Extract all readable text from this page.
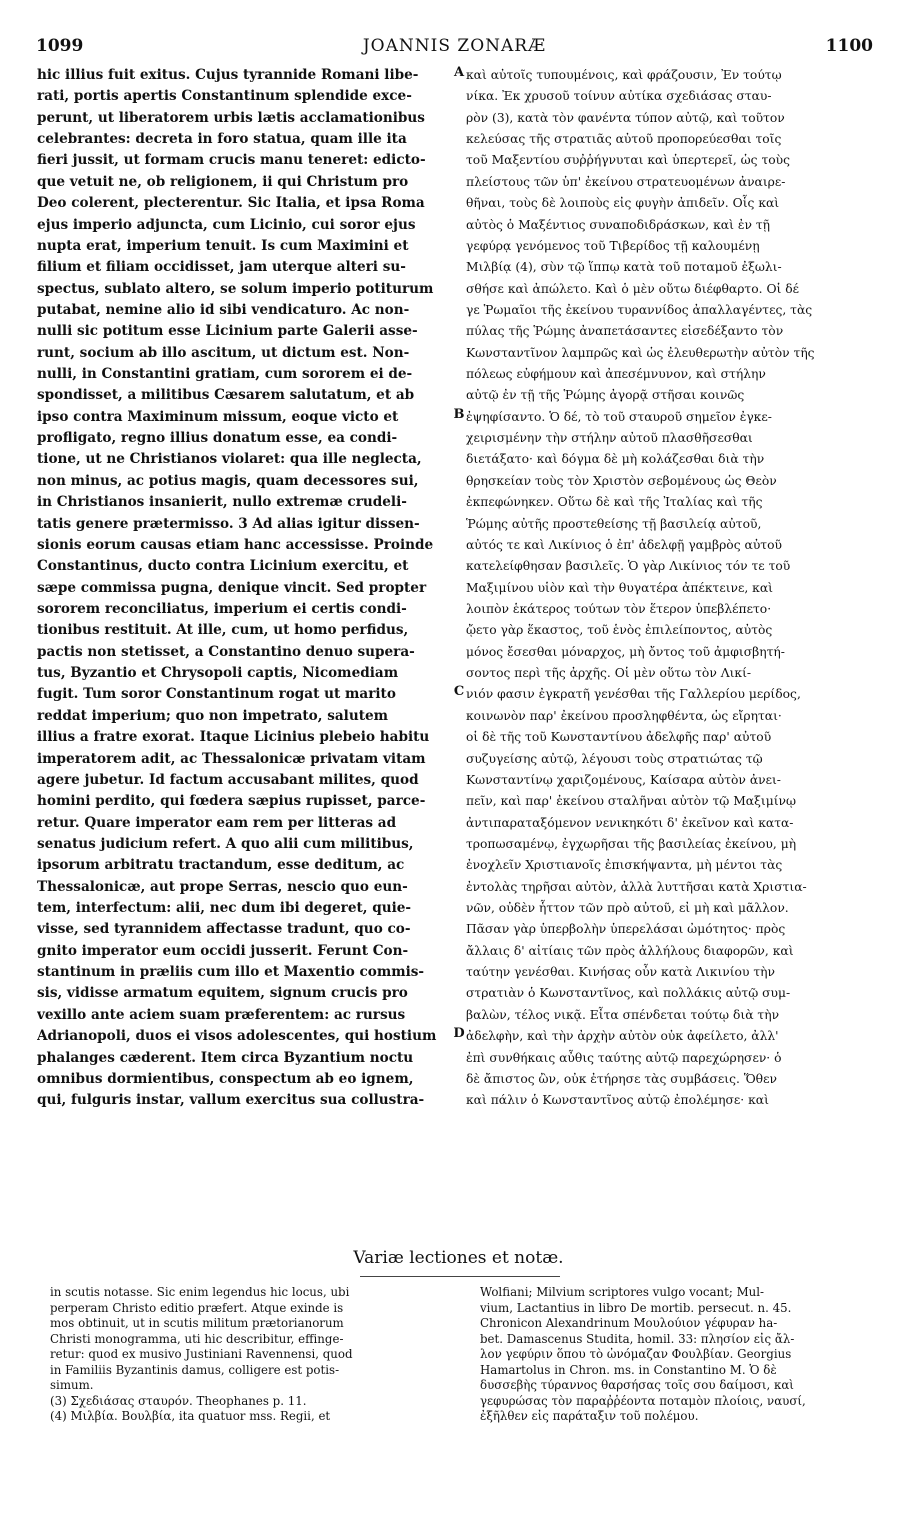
1099	JOANNIS ZONARÆ	1100
hic illius fuit exitus. Cujus tyrannide Romani libe-
rati, portis apertis Constantinum splendide exce-
perunt, ut liberatorem urbis lætis acclamationibus
celebrantes: decreta in foro statua, quam ille ita
fieri jussit, ut formam crucis manu teneret: edicto-
que vetuit ne, ob religionem, ii qui Christum pro
Deo colerent, plecterentur. Sic Italia, et ipsa Roma
ejus imperio adjuncta, cum Licinio, cui soror ejus
nupta erat, imperium tenuit. Is cum Maximini et
filium et filiam occidisset, jam uterque alteri su-
spectus, sublato altero, se solum imperio potiturum
putabat, nemine alio id sibi vendicaturo. Ac non-
nulli sic potitum esse Licinium parte Galerii asse-
runt, socium ab illo ascitum, ut dictum est. Non-
nulli, in Constantini gratiam, cum sororem ei de-
spondisset, a militibus Cæsarem salutatum, et ab
ipso contra Maximinum missum, eoque victo et
profligato, regno illius donatum esse, ea condi-
tione, ut ne Christianos violaret: qua ille neglecta,
non minus, ac potius magis, quam decessores sui,
in Christianos insanierit, nullo extremæ crudeli-
tatis genere prætermisso. 3 Ad alias igitur dissen-
sionis eorum causas etiam hanc accessisse. Proinde
Constantinus, ducto contra Licinium exercitu, et
sæpe commissa pugna, denique vincit. Sed propter
sororem reconciliatus, imperium ei certis condi-
tionibus restituit. At ille, cum, ut homo perfidus,
pactis non stetisset, a Constantino denuo supera-
tus, Byzantio et Chrysopoli captis, Nicomediam
fugit. Tum soror Constantinum rogat ut marito
reddat imperium; quo non impetrato, salutem
illius a fratre exorat. Itaque Licinius plebeio habitu
imperatorem adit, ac Thessalonicæ privatam vitam
agere jubetur. Id factum accusabant milites, quod
homini perdito, qui fœdera sæpius rupisset, parce-
retur. Quare imperator eam rem per litteras ad
senatus judicium refert. A quo alii cum militibus,
ipsorum arbitratu tractandum, esse deditum, ac
Thessalonicæ, aut prope Serras, nescio quo eun-
tem, interfectum: alii, nec dum ibi degeret, quie-
visse, sed tyrannidem affectasse tradunt, quo co-
gnito imperator eum occidi jusserit. Ferunt Con-
stantinum in præliis cum illo et Maxentio commis-
sis, vidisse armatum equitem, signum crucis pro
vexillo ante aciem suam præferentem: ac rursus
Adrianopoli, duos ei visos adolescentes, qui hostium
phalanges cæderent. Item circa Byzantium noctu
omnibus dormientibus, conspectum ab eo ignem,
qui, fulguris instar, vallum exercitus sua collustra-
A
B
C
D
καὶ αὐτοῖς τυπουμένοις, καὶ φράζουσιν, Ἐν τούτῳ
νίκα. Ἐκ χρυσοῦ τοίνυν αὐτίκα σχεδιάσας σταυ-
ρὸν (3), κατὰ τὸν φανέντα τύπον αὐτῷ, καὶ τοῦτον
κελεύσας τῆς στρατιᾶς αὐτοῦ προπορεύεσθαι τοῖς
τοῦ Μαξεντίου συῤῥήγνυται καὶ ὑπερτερεῖ, ὡς τοὺς
πλείστους τῶν ὑπ' ἐκείνου στρατευομένων ἀναιρε-
θῆναι, τοὺς δὲ λοιποὺς εἰς φυγὴν ἀπιδεῖν. Οἷς καὶ
αὐτὸς ὁ Μαξέντιος συναποδιδράσκων, καὶ ἐν τῇ
γεφύρᾳ γενόμενος τοῦ Τιβερίδος τῇ καλουμένῃ
Μιλβίᾳ (4), σὺν τῷ ἵππῳ κατὰ τοῦ ποταμοῦ ἐξωλι-
σθήσε καὶ ἀπώλετο. Καὶ ὁ μὲν οὕτω διέφθαρτο. Οἱ δέ
γε Ῥωμαῖοι τῆς ἐκείνου τυραννίδος ἀπαλλαγέντες, τὰς
πύλας τῆς Ῥώμης ἀναπετάσαντες εἰσεδέξαντο τὸν
Κωνσταντῖνον λαμπρῶς καὶ ὡς ἐλευθερωτὴν αὐτὸν τῆς
πόλεως εὐφήμουν καὶ ἀπεσέμνυνον, καὶ στήλην
αὐτῷ ἐν τῇ τῆς Ῥώμης ἀγορᾷ στῆσαι κοινῶς
ἐψηφίσαντο. Ὁ δέ, τὸ τοῦ σταυροῦ σημεῖον ἐγκε-
χειρισμένην τὴν στήλην αὐτοῦ πλασθῆσεσθαι
διετάξατο· καὶ δόγμα δὲ μὴ κολάζεσθαι διὰ τὴν
θρησκείαν τοὺς τὸν Χριστὸν σεβομένους ὡς Θεὸν
ἐκπεφώνηκεν. Οὕτω δὲ καὶ τῆς Ἰταλίας καὶ τῆς
Ῥώμης αὐτῆς προστεθείσης τῇ βασιλείᾳ αὐτοῦ,
αὐτός τε καὶ Λικίνιος ὁ ἐπ' ἀδελφῇ γαμβρὸς αὐτοῦ
κατελείφθησαν βασιλεῖς. Ὁ γὰρ Λικίνιος τόν τε τοῦ
Μαξιμίνου υἱὸν καὶ τὴν θυγατέρα ἀπέκτεινε, καὶ
λοιπὸν ἑκάτερος τούτων τὸν ἕτερον ὑπεβλέπετο·
ᾤετο γὰρ ἕκαστος, τοῦ ἑνὸς ἐπιλείποντος, αὐτὸς
μόνος ἔσεσθαι μόναρχος, μὴ ὄντος τοῦ ἀμφισβητή-
σοντος περὶ τῆς ἀρχῆς. Οἱ μὲν οὕτω τὸν Λικί-
νιόν φασιν ἐγκρατῆ γενέσθαι τῆς Γαλλερίου μερίδος,
κοινωνὸν παρ' ἐκείνου προσληφθέντα, ὡς εἴρηται·
οἱ δὲ τῆς τοῦ Κωνσταντίνου ἀδελφῆς παρ' αὐτοῦ
συζυγείσης αὐτῷ, λέγουσι τοὺς στρατιώτας τῷ
Κωνσταντίνῳ χαριζομένους, Καίσαρα αὐτὸν ἀνει-
πεῖν, καὶ παρ' ἐκείνου σταλῆναι αὐτὸν τῷ Μαξιμίνῳ
ἀντιπαραταξόμενον νενικηκότι δ' ἐκεῖνον καὶ κατα-
τροπωσαμένῳ, ἐγχωρῆσαι τῆς βασιλείας ἐκείνου, μὴ
ἐνοχλεῖν Χριστιανοῖς ἐπισκήψαντα, μὴ μέντοι τὰς
ἐντολὰς τηρῆσαι αὐτὸν, ἀλλὰ λυττῆσαι κατὰ Χριστια-
νῶν, οὐδὲν ἧττον τῶν πρὸ αὐτοῦ, εἰ μὴ καὶ μᾶλλον.
Πᾶσαν γὰρ ὑπερβολὴν ὑπερελάσαι ὠμότητος· πρὸς
ἄλλαις δ' αἰτίαις τῶν πρὸς ἀλλήλους διαφορῶν, καὶ
ταύτην γενέσθαι. Κινήσας οὖν κατὰ Λικινίου τὴν
στρατιὰν ὁ Κωνσταντῖνος, καὶ πολλάκις αὐτῷ συμ-
βαλὼν, τέλος νικᾷ. Εἶτα σπένδεται τούτῳ διὰ τὴν
ἀδελφὴν, καὶ τὴν ἀρχὴν αὐτὸν οὐκ ἀφείλετο, ἀλλ'
ἐπὶ συνθήκαις αὖθις ταύτης αὐτῷ παρεχώρησεν· ὁ
δὲ ἄπιστος ὢν, οὐκ ἐτήρησε τὰς συμβάσεις. Ὅθεν
καὶ πάλιν ὁ Κωνσταντῖνος αὐτῷ ἐπολέμησε· καὶ
Variæ lectiones et notæ.
in scutis notasse. Sic enim legendus hic locus, ubi
perperam Christo editio præfert. Atque exinde is
mos obtinuit, ut in scutis militum prætorianorum
Christi monogramma, uti hic describitur, effinge-
retur: quod ex musivo Justiniani Ravennensi, quod
in Familiis Byzantinis damus, colligere est potis-
simum.
(3) Σχεδιάσας σταυρόν. Theophanes p. 11.
(4) Μιλβία. Βουλβία, ita quatuor mss. Regii, et
Wolfiani; Milvium scriptores vulgo vocant; Mul-
vium, Lactantius in libro De mortib. persecut. n. 45.
Chronicon Alexandrinum Μουλούιον γέφυραν ha-
bet. Damascenus Studita, homil. 33: πλησίον εἰς ἄλ-
λον γεφύριν ὅπου τὸ ὠνόμαζαν Φουλβίαν. Georgius
Hamartolus in Chron. ms. in Constantino M. Ὁ δὲ
δυσσεβὴς τύραννος θαρσήσας τοῖς σου δαίμοσι, καὶ
γεφυρώσας τὸν παραῤῥέοντα ποταμὸν πλοίοις, ναυσί,
ἐξῆλθεν εἰς παράταξιν τοῦ πολέμου.
